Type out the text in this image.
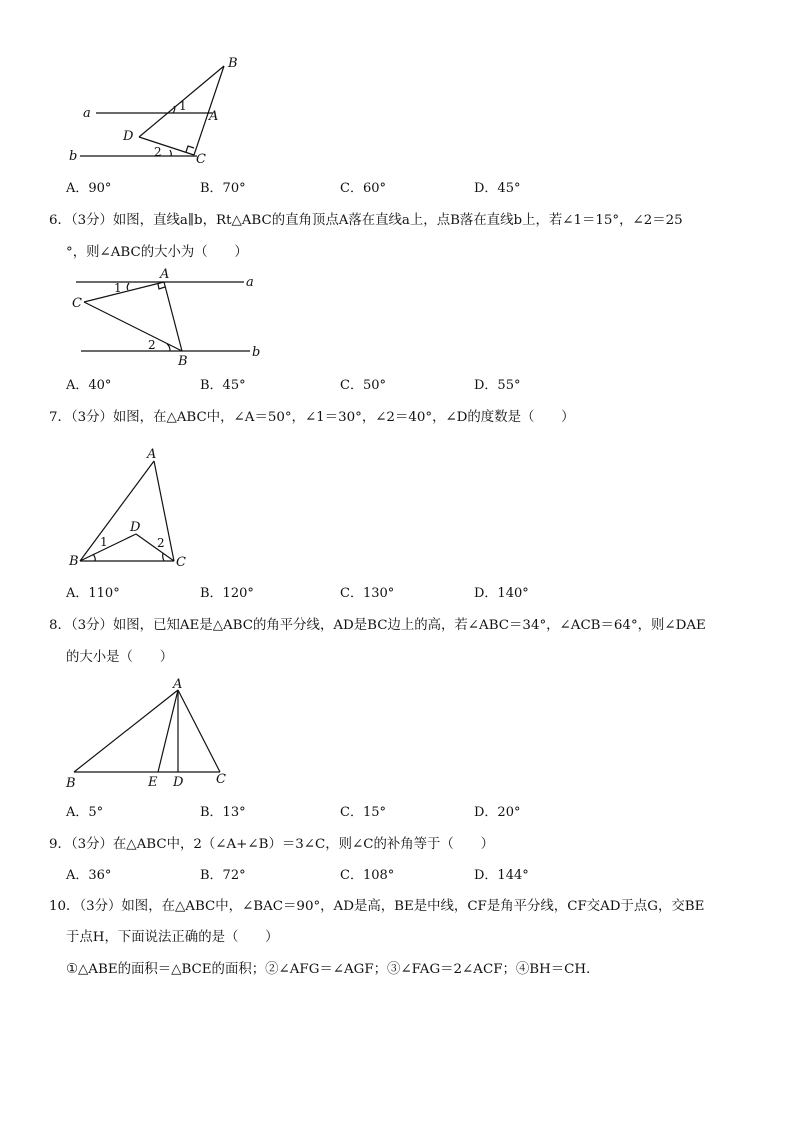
B
a	1
A
D
b	2	C
A．90°	B．70°	C．60°	D．45°
6．（3分）如图，直线a∥b，Rt△ABC的直角顶点A落在直线a上，点B落在直线b上，若∠1＝15°，∠2＝25
°，则∠ABC的大小为（　　）
A
a
1
C
2
B
b
A．40°	B．45°	C．50°	D．55°
7．（3分）如图，在△ABC中，∠A＝50°，∠1＝30°，∠2＝40°，∠D的度数是（　　）
A
D
1	2
B	C
A．110°	B．120°	C．130°	D．140°
8．（3分）如图，已知AE是△ABC的角平分线，AD是BC边上的高，若∠ABC＝34°，∠ACB＝64°，则∠DAE
的大小是（　　）
A
B	E D	C
A．5°	B．13°	C．15°	D．20°
9．（3分）在△ABC中，2（∠A+∠B）＝3∠C，则∠C的补角等于（　　）
A．36°	B．72°	C．108°	D．144°
10．（3分）如图，在△ABC中，∠BAC＝90°，AD是高，BE是中线，CF是角平分线，CF交AD于点G，交BE
于点H，下面说法正确的是（　　）
①△ABE的面积＝△BCE的面积；②∠AFG＝∠AGF；③∠FAG＝2∠ACF；④BH＝CH．
